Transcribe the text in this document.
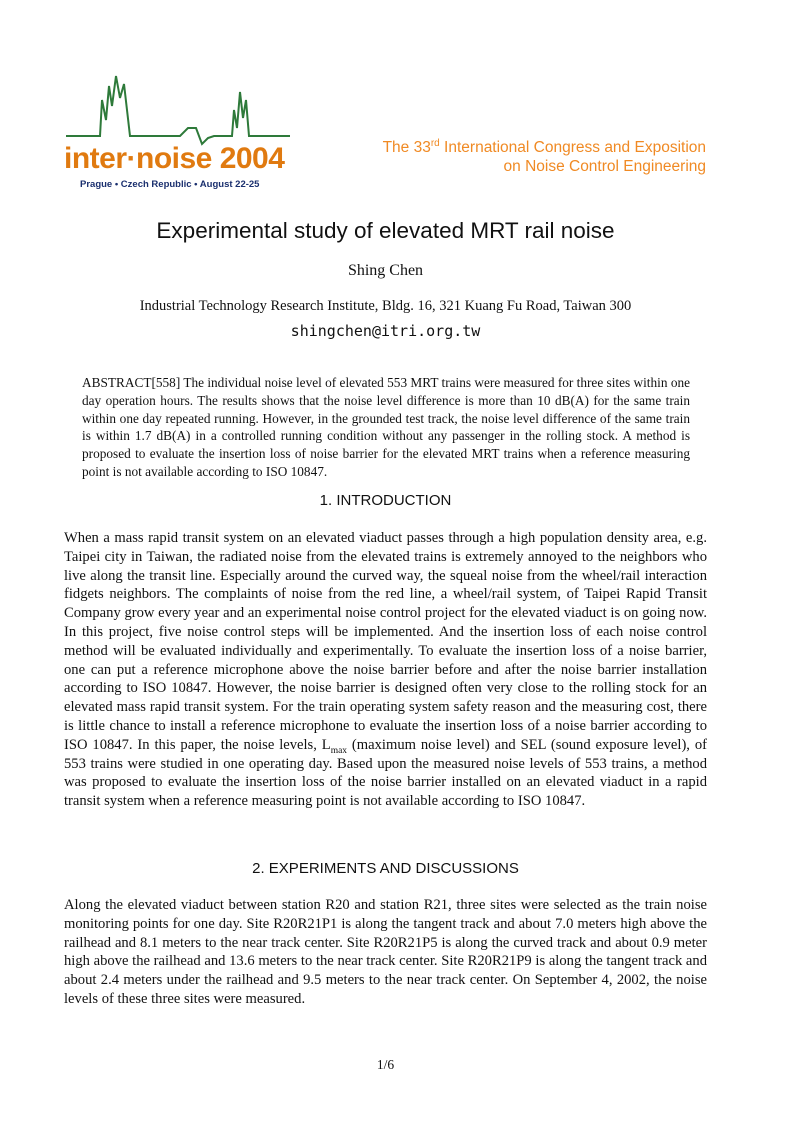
inter·noise 2004
Prague • Czech Republic • August 22-25
The 33rd International Congress and Exposition
on Noise Control Engineering
Experimental study of elevated MRT rail noise
Shing Chen
Industrial Technology Research Institute, Bldg. 16, 321 Kuang Fu Road, Taiwan 300
shingchen@itri.org.tw
ABSTRACT[558] The individual noise level of elevated 553 MRT trains were measured for three sites within one day operation hours. The results shows that the noise level difference is more than 10 dB(A) for the same train within one day repeated running. However, in the grounded test track, the noise level difference of the same train is within 1.7 dB(A) in a controlled running condition without any passenger in the rolling stock. A method is proposed to evaluate the insertion loss of noise barrier for the elevated MRT trains when a reference measuring point is not available according to ISO 10847.
1. INTRODUCTION
When a mass rapid transit system on an elevated viaduct passes through a high population density area, e.g. Taipei city in Taiwan, the radiated noise from the elevated trains is extremely annoyed to the neighbors who live along the transit line. Especially around the curved way, the squeal noise from the wheel/rail interaction fidgets neighbors. The complaints of noise from the red line, a wheel/rail system, of Taipei Rapid Transit Company grow every year and an experimental noise control project for the elevated viaduct is on going now. In this project, five noise control steps will be implemented. And the insertion loss of each noise control method will be evaluated individually and experimentally. To evaluate the insertion loss of a noise barrier, one can put a reference microphone above the noise barrier before and after the noise barrier installation according to ISO 10847. However, the noise barrier is designed often very close to the rolling stock for an elevated mass rapid transit system. For the train operating system safety reason and the measuring cost, there is little chance to install a reference microphone to evaluate the insertion loss of a noise barrier according to ISO 10847. In this paper, the noise levels, $L_{max}$ (maximum noise level) and SEL (sound exposure level), of 553 trains were studied in one operating day. Based upon the measured noise levels of 553 trains, a method was proposed to evaluate the insertion loss of the noise barrier installed on an elevated viaduct in a rapid transit system when a reference measuring point is not available according to ISO 10847.
2. EXPERIMENTS AND DISCUSSIONS
Along the elevated viaduct between station R20 and station R21, three sites were selected as the train noise monitoring points for one day. Site R20R21P1 is along the tangent track and about 7.0 meters high above the railhead and 8.1 meters to the near track center. Site R20R21P5 is along the curved track and about 0.9 meter high above the railhead and 13.6 meters to the near track center. Site R20R21P9 is along the tangent track and about 2.4 meters under the railhead and 9.5 meters to the near track center. On September 4, 2002, the noise levels of these three sites were measured.
1/6
